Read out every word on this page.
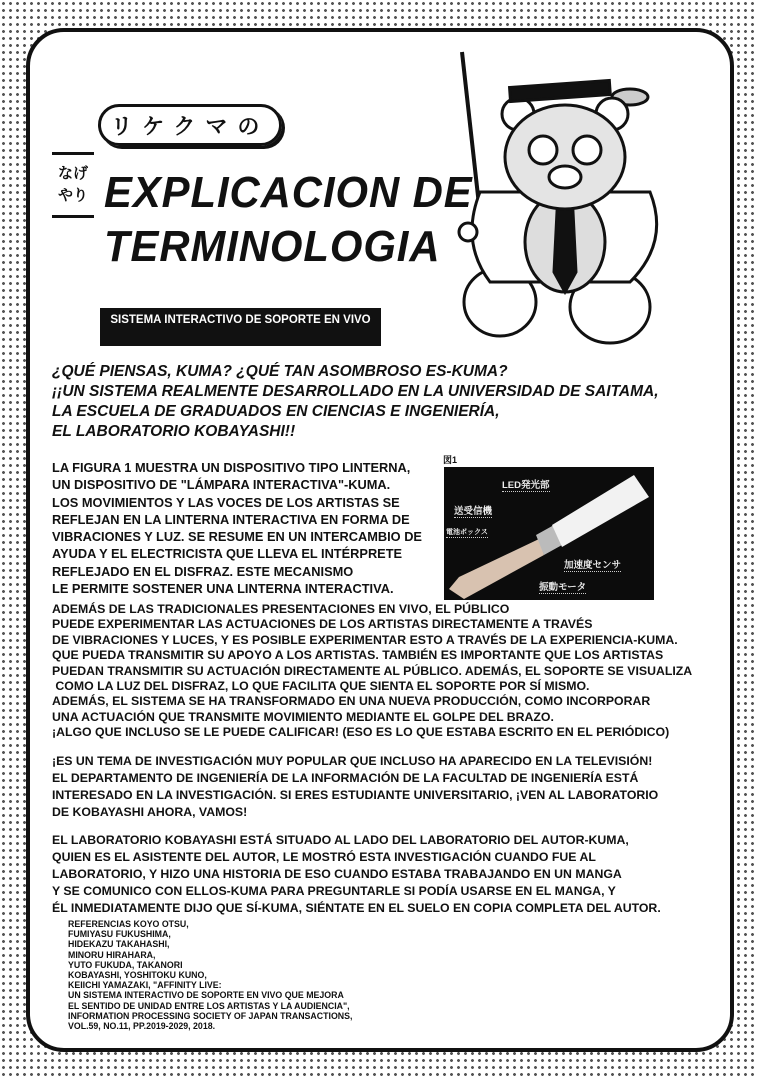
リケクマの
なげ
やり EXPLICACION DE
TERMINOLOGIA
SISTEMA INTERACTIVO DE SOPORTE EN VIVO
¿QUÉ PIENSAS, KUMA? ¿QUÉ TAN ASOMBROSO ES-KUMA?
¡¡UN SISTEMA REALMENTE DESARROLLADO EN LA UNIVERSIDAD DE SAITAMA,
LA ESCUELA DE GRADUADOS EN CIENCIAS E INGENIERÍA,
EL LABORATORIO KOBAYASHI!!
LA FIGURA 1 MUESTRA UN DISPOSITIVO TIPO LINTERNA,
UN DISPOSITIVO DE "LÁMPARA INTERACTIVA"-KUMA.
LOS MOVIMIENTOS Y LAS VOCES DE LOS ARTISTAS SE
REFLEJAN EN LA LINTERNA INTERACTIVA EN FORMA DE
VIBRACIONES Y LUZ. SE RESUME EN UN INTERCAMBIO DE
AYUDA Y EL ELECTRICISTA QUE LLEVA EL INTÉRPRETE
REFLEJADO EN EL DISFRAZ. ESTE MECANISMO
LE PERMITE SOSTENER UNA LINTERNA INTERACTIVA.
図1
LED発光部
送受信機
電池ボックス
加速度センサ
振動モータ
ADEMÁS DE LAS TRADICIONALES PRESENTACIONES EN VIVO, EL PÚBLICO
PUEDE EXPERIMENTAR LAS ACTUACIONES DE LOS ARTISTAS DIRECTAMENTE A TRAVÉS
DE VIBRACIONES Y LUCES, Y ES POSIBLE EXPERIMENTAR ESTO A TRAVÉS DE LA EXPERIENCIA-KUMA.
QUE PUEDA TRANSMITIR SU APOYO A LOS ARTISTAS. TAMBIÉN ES IMPORTANTE QUE LOS ARTISTAS
PUEDAN TRANSMITIR SU ACTUACIÓN DIRECTAMENTE AL PÚBLICO. ADEMÁS, EL SOPORTE SE VISUALIZA
COMO LA LUZ DEL DISFRAZ, LO QUE FACILITA QUE SIENTA EL SOPORTE POR SÍ MISMO.
ADEMÁS, EL SISTEMA SE HA TRANSFORMADO EN UNA NUEVA PRODUCCIÓN, COMO INCORPORAR
UNA ACTUACIÓN QUE TRANSMITE MOVIMIENTO MEDIANTE EL GOLPE DEL BRAZO.
¡ALGO QUE INCLUSO SE LE PUEDE CALIFICAR! (ESO ES LO QUE ESTABA ESCRITO EN EL PERIÓDICO)
¡ES UN TEMA DE INVESTIGACIÓN MUY POPULAR QUE INCLUSO HA APARECIDO EN LA TELEVISIÓN!
EL DEPARTAMENTO DE INGENIERÍA DE LA INFORMACIÓN DE LA FACULTAD DE INGENIERÍA ESTÁ
INTERESADO EN LA INVESTIGACIÓN. SI ERES ESTUDIANTE UNIVERSITARIO, ¡VEN AL LABORATORIO
DE KOBAYASHI AHORA, VAMOS!
EL LABORATORIO KOBAYASHI ESTÁ SITUADO AL LADO DEL LABORATORIO DEL AUTOR-KUMA,
QUIEN ES EL ASISTENTE DEL AUTOR, LE MOSTRÓ ESTA INVESTIGACIÓN CUANDO FUE AL
LABORATORIO, Y HIZO UNA HISTORIA DE ESO CUANDO ESTABA TRABAJANDO EN UN MANGA
Y SE COMUNICO CON ELLOS-KUMA PARA PREGUNTARLE SI PODÍA USARSE EN EL MANGA, Y
ÉL INMEDIATAMENTE DIJO QUE SÍ-KUMA, SIÉNTATE EN EL SUELO EN COPIA COMPLETA DEL AUTOR.
REFERENCIAS KOYO OTSU,
FUMIYASU FUKUSHIMA,
HIDEKAZU TAKAHASHI,
MINORU HIRAHARA,
YUTO FUKUDA, TAKANORI
KOBAYASHI, YOSHITOKU KUNO,
KEIICHI YAMAZAKI, "AFFINITY LIVE:
UN SISTEMA INTERACTIVO DE SOPORTE EN VIVO QUE MEJORA
EL SENTIDO DE UNIDAD ENTRE LOS ARTISTAS Y LA AUDIENCIA",
INFORMATION PROCESSING SOCIETY OF JAPAN TRANSACTIONS,
VOL.59, NO.11, PP.2019-2029, 2018.
